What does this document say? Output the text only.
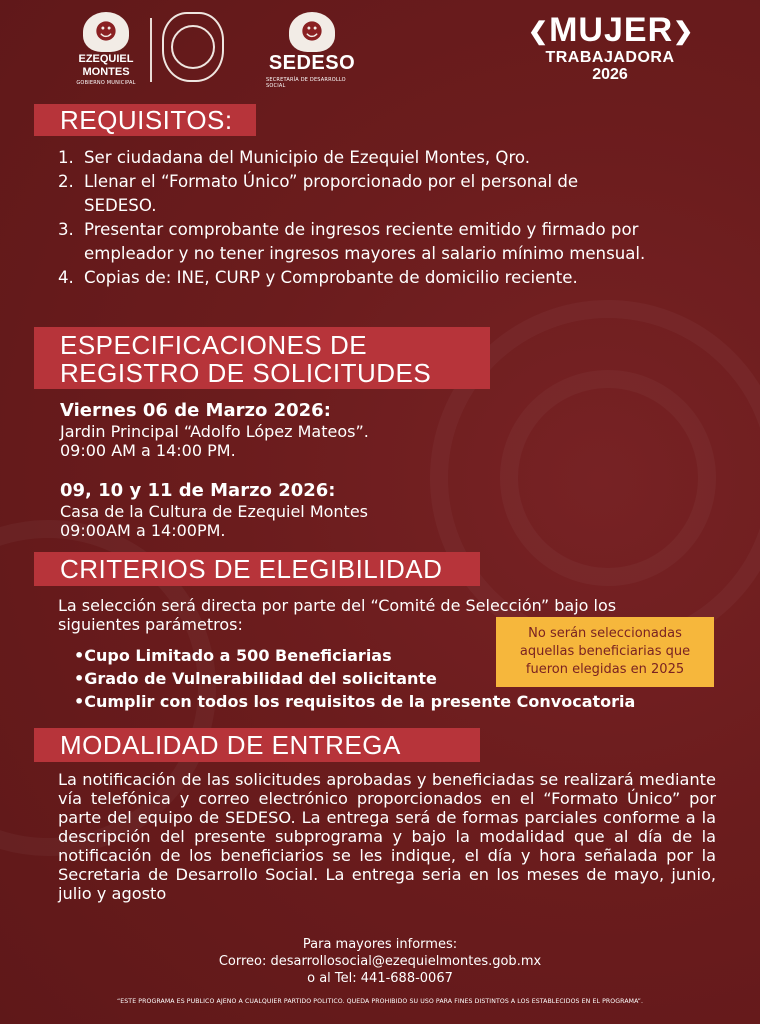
☻
EZEQUIEL
MONTES
GOBIERNO MUNICIPAL
☻
SEDESO
SECRETARÍA DE DESARROLLO SOCIAL
❮MUJER❯
TRABAJADORA
2026
REQUISITOS:
1. Ser ciudadana del Municipio de Ezequiel Montes, Qro.
2. Llenar el “Formato Único” proporcionado por el personal de SEDESO.
3. Presentar comprobante de ingresos reciente emitido y firmado por empleador y no tener ingresos mayores al salario mínimo mensual.
4. Copias de: INE, CURP y Comprobante de domicilio reciente.
ESPECIFICACIONES DE
REGISTRO DE SOLICITUDES
Viernes 06 de Marzo 2026:
Jardin Principal “Adolfo López Mateos”.
09:00 AM a 14:00 PM.
09, 10 y 11 de Marzo 2026:
Casa de la Cultura de Ezequiel Montes
09:00AM a 14:00PM.
CRITERIOS DE ELEGIBILIDAD
La selección será directa por parte del “Comité de Selección” bajo los siguientes parámetros:
• Cupo Limitado a 500 Beneficiarias
• Grado de Vulnerabilidad del solicitante
• Cumplir con todos los requisitos de la presente Convocatoria
No serán seleccionadas aquellas beneficiarias que fueron elegidas en 2025
MODALIDAD DE ENTREGA
La notificación de las solicitudes aprobadas y beneficiadas se realizará mediante vía telefónica y correo electrónico proporcionados en el “Formato Único” por parte del equipo de SEDESO. La entrega será de formas parciales conforme a la descripción del presente subprograma y bajo la modalidad que al día de la notificación de los beneficiarios se les indique, el día y hora señalada por la Secretaria de Desarrollo Social. La entrega seria en los meses de mayo, junio, julio y agosto
Para mayores informes:
Correo: desarrollosocial@ezequielmontes.gob.mx
o al Tel: 441-688-0067
“ESTE PROGRAMA ES PUBLICO AJENO A CUALQUIER PARTIDO POLITICO. QUEDA PROHIBIDO SU USO PARA FINES DISTINTOS A LOS ESTABLECIDOS EN EL PROGRAMA”.
